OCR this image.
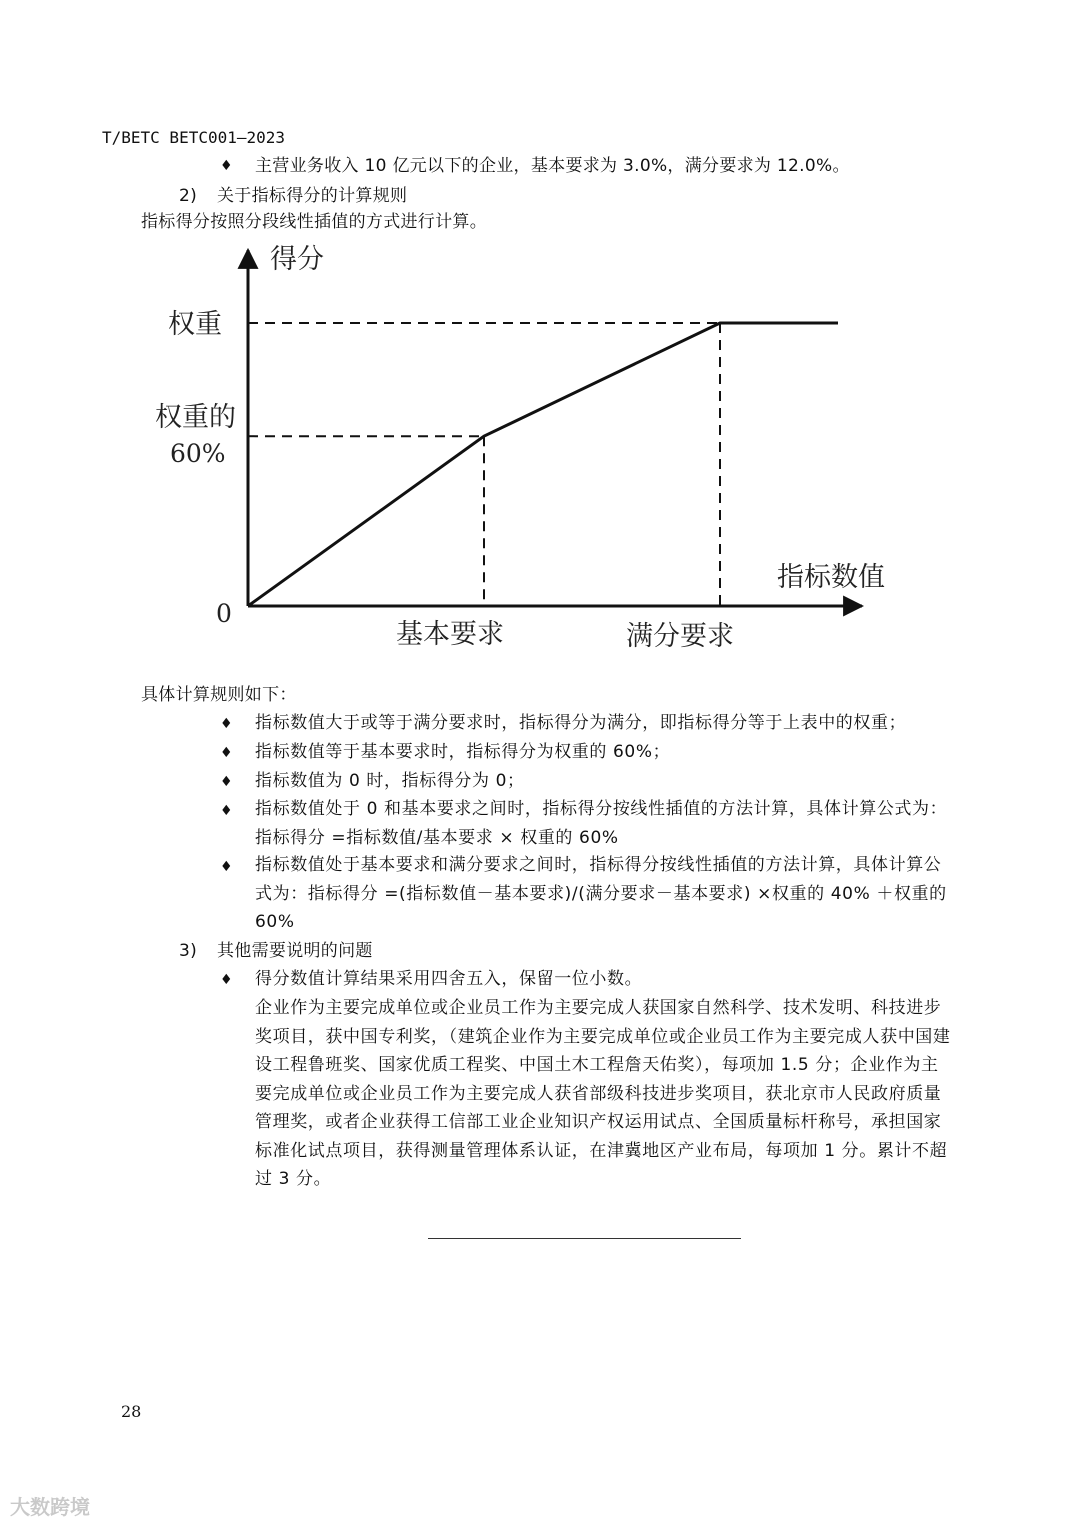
T/BETC BETC001—2023
♦ 主营业务收入 10 亿元以下的企业，基本要求为 3.0%，满分要求为 12.0%。
2) 关于指标得分的计算规则
指标得分按照分段线性插值的方式进行计算。
得分
指标数值
0
权重
权重的
60%
基本要求	满分要求
具体计算规则如下：
♦ 指标数值大于或等于满分要求时，指标得分为满分，即指标得分等于上表中的权重；
♦ 指标数值等于基本要求时，指标得分为权重的 60%；
♦ 指标数值为 0 时，指标得分为 0；
♦ 指标数值处于 0 和基本要求之间时，指标得分按线性插值的方法计算，具体计算公式为：指标得分 =指标数值/基本要求 × 权重的 60%
♦ 指标数值处于基本要求和满分要求之间时，指标得分按线性插值的方法计算，具体计算公式为：指标得分 =(指标数值－基本要求)/(满分要求－基本要求) ×权重的 40% ＋权重的 60%
3) 其他需要说明的问题
♦ 得分数值计算结果采用四舍五入，保留一位小数。
企业作为主要完成单位或企业员工作为主要完成人获国家自然科学、技术发明、科技进步奖项目，获中国专利奖，（建筑企业作为主要完成单位或企业员工作为主要完成人获中国建设工程鲁班奖、国家优质工程奖、中国土木工程詹天佑奖），每项加 1.5 分；企业作为主要完成单位或企业员工作为主要完成人获省部级科技进步奖项目，获北京市人民政府质量管理奖，或者企业获得工信部工业企业知识产权运用试点、全国质量标杆称号，承担国家标准化试点项目，获得测量管理体系认证，在津冀地区产业布局，每项加 1 分。累计不超过 3 分。
28
大数跨境
